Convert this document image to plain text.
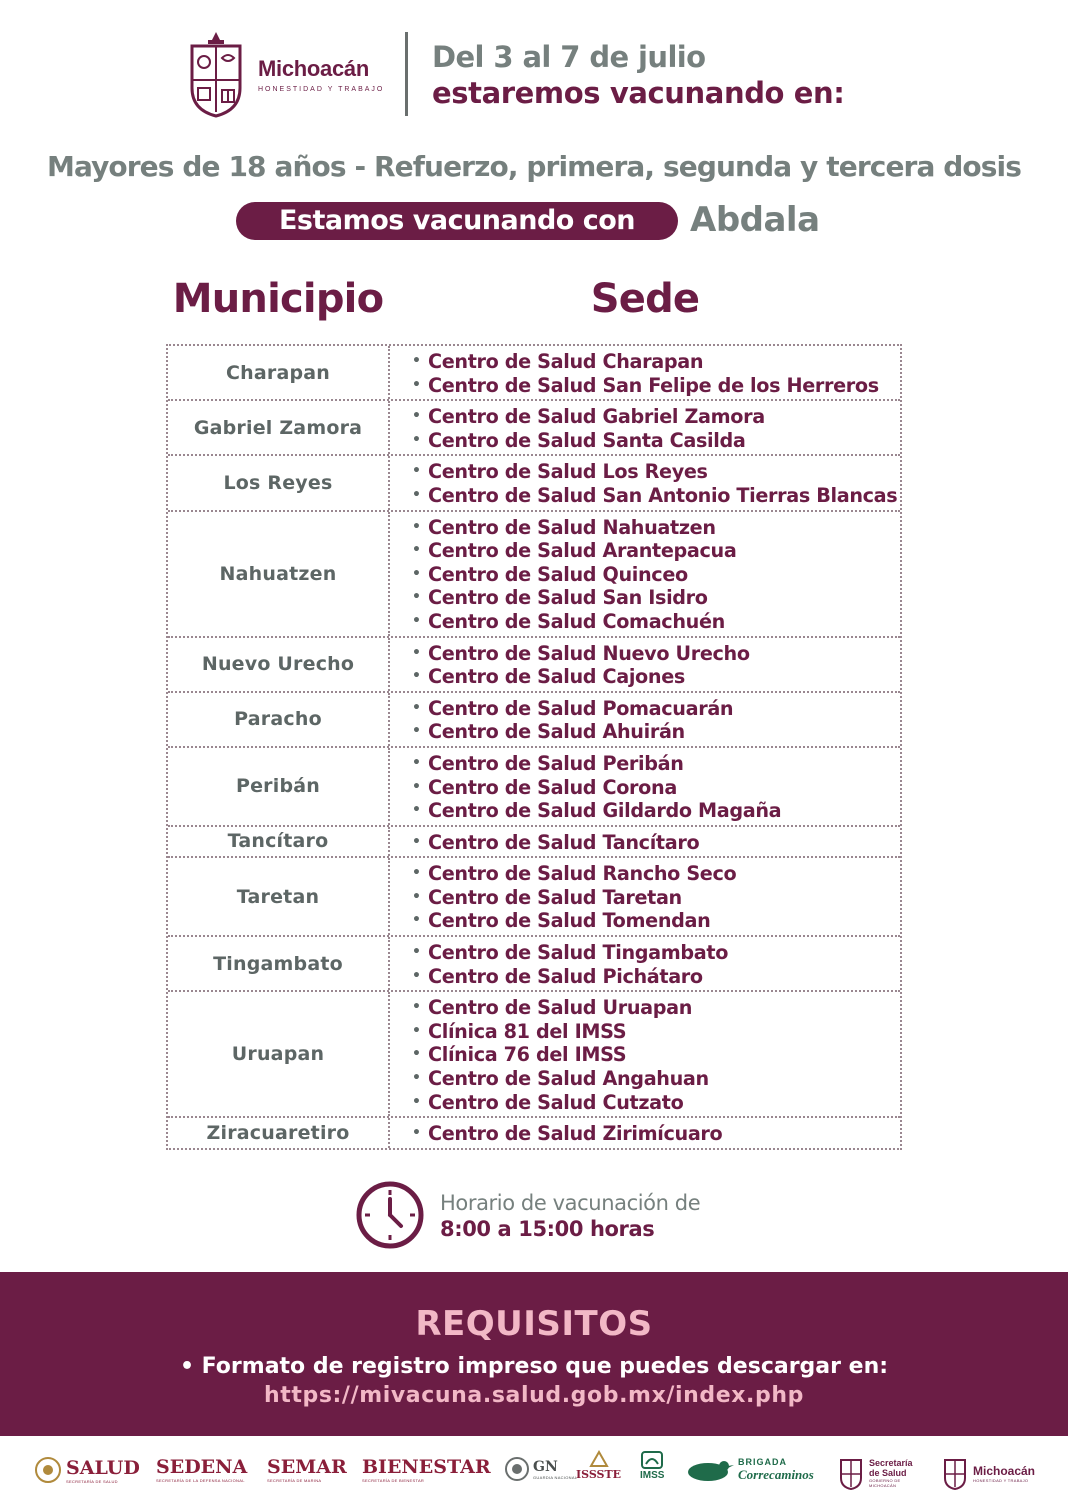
Michoacán
HONESTIDAD Y TRABAJO
Del 3 al 7 de julio
estaremos vacunando en:
Mayores de 18 años - Refuerzo, primera, segunda y tercera dosis
Estamos vacunando con	Abdala
Municipio	Sede
Charapan	• Centro de Salud Charapan
• Centro de Salud San Felipe de los Herreros
Gabriel Zamora	• Centro de Salud Gabriel Zamora
• Centro de Salud Santa Casilda
Los Reyes	• Centro de Salud Los Reyes
• Centro de Salud San Antonio Tierras Blancas
Nahuatzen
• Centro de Salud Nahuatzen
• Centro de Salud Arantepacua
• Centro de Salud Quinceo
• Centro de Salud San Isidro
• Centro de Salud Comachuén
Nuevo Urecho	• Centro de Salud Nuevo Urecho
• Centro de Salud Cajones
Paracho	• Centro de Salud Pomacuarán
• Centro de Salud Ahuirán
Peribán
• Centro de Salud Peribán
• Centro de Salud Corona
• Centro de Salud Gildardo Magaña
Tancítaro	• Centro de Salud Tancítaro
Taretan
• Centro de Salud Rancho Seco
• Centro de Salud Taretan
• Centro de Salud Tomendan
Tingambato	• Centro de Salud Tingambato
• Centro de Salud Pichátaro
Uruapan
• Centro de Salud Uruapan
• Clínica 81 del IMSS
• Clínica 76 del IMSS
• Centro de Salud Angahuan
• Centro de Salud Cutzato
Ziracuaretiro	• Centro de Salud Zirimícuaro
Horario de vacunación de
8:00 a 15:00 horas
REQUISITOS
• Formato de registro impreso que puedes descargar en:
https://mivacuna.salud.gob.mx/index.php
SALUD
SECRETARÍA DE SALUD
SEDENA
SECRETARÍA DE LA DEFENSA NACIONAL
SEMAR
SECRETARÍA DE MARINA
BIENESTAR
SECRETARÍA DE BIENESTAR
GN
GUARDIA NACIONAL
ISSSTE IMSS
BRIGADA
Correcaminos
Secretaría de Salud
GOBIERNO DE MICHOACÁN
Michoacán
HONESTIDAD Y TRABAJO
